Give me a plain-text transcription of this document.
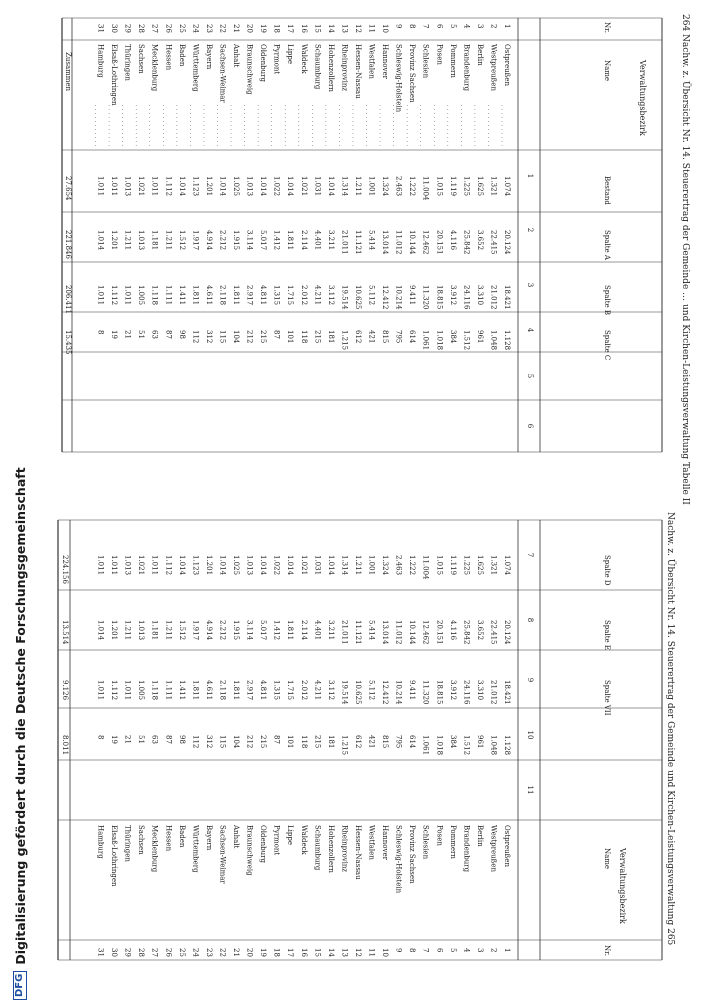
264 Nachw. z. Übersicht Nr. 14. Steuerertrag der Gemeinde … und Kirchen-Leistungsverwaltung Tabelle II
Verwaltungsbezirk
1
2
3
4
5
6
Nr.
Name
Bestand
Spalte A
Spalte B
Spalte C
1
Ostpreußen
1.074
20.124
18.421
1.128
2
Westpreußen
1.321
22.415
21.012
1.048
3
Berlin
1.625
3.652
3.310
961
4
Brandenburg
1.225
25.842
24.116
1.512
5
Pommern
1.119
4.116
3.912
384
6
Posen
1.015
20.151
18.815
1.018
7
Schlesien
11.004
12.462
11.320
1.061
8
Provinz Sachsen
1.222
10.144
9.411
614
9
Schleswig-Holstein
2.463
11.012
10.214
795
10
Hannover
1.324
13.014
12.412
815
11
Westfalen
1.001
5.414
5.112
421
12
Hessen-Nassau
1.211
11.121
10.625
612
13
Rheinprovinz
1.314
21.011
19.514
1.215
14
Hohenzollern
1.014
3.211
3.112
181
15
Schaumburg
1.031
4.401
4.211
215
16
Waldeck
1.021
2.114
2.012
118
17
Lippe
1.014
1.811
1.715
101
18
Pyrmont
1.022
1.412
1.315
87
19
Oldenburg
1.014
5.017
4.811
215
20
Braunschweig
1.013
3.114
2.917
212
21
Anhalt
1.025
1.915
1.811
104
22
Sachsen-Weimar
1.014
2.212
2.118
115
23
Bayern
1.201
4.914
4.611
312
24
Württemberg
1.123
1.917
1.811
112
25
Baden
1.014
1.512
1.411
98
26
Hessen
1.112
1.211
1.111
87
27
Mecklenburg
1.011
1.181
1.118
63
28
Sachsen
1.021
1.013
1.005
51
29
Thüringen
1.013
1.211
1.011
21
30
Elsaß-Lothringen
1.011
1.201
1.112
19
31
Hamburg
1.011
1.014
1.011
8
Zusammen
27.654
221.846
206.411
15.435
Nachw. z. Übersicht Nr. 14. Steuerertrag der Gemeinde und Kirchen-Leistungsverwaltung 265
Verwaltungsbezirk
7
8
9
10
11
Spalte D
Spalte E
Spalte VII
Name
Nr.
Ostpreußen
1
1.074
20.124
18.421
1.128
Westpreußen
2
1.321
22.415
21.012
1.048
Berlin
3
1.625
3.652
3.310
961
Brandenburg
4
1.225
25.842
24.116
1.512
Pommern
5
1.119
4.116
3.912
384
Posen
6
1.015
20.151
18.815
1.018
Schlesien
7
11.004
12.462
11.320
1.061
Provinz Sachsen
8
1.222
10.144
9.411
614
Schleswig-Holstein
9
2.463
11.012
10.214
795
Hannover
10
1.324
13.014
12.412
815
Westfalen
11
1.001
5.414
5.112
421
Hessen-Nassau
12
1.211
11.121
10.625
612
Rheinprovinz
13
1.314
21.011
19.514
1.215
Hohenzollern
14
1.014
3.211
3.112
181
Schaumburg
15
1.031
4.401
4.211
215
Waldeck
16
1.021
2.114
2.012
118
Lippe
17
1.014
1.811
1.715
101
Pyrmont
18
1.022
1.412
1.315
87
Oldenburg
19
1.014
5.017
4.811
215
Braunschweig
20
1.013
3.114
2.917
212
Anhalt
21
1.025
1.915
1.811
104
Sachsen-Weimar
22
1.014
2.212
2.118
115
Bayern
23
1.201
4.914
4.611
312
Württemberg
24
1.123
1.917
1.811
112
Baden
25
1.014
1.512
1.411
98
Hessen
26
1.112
1.211
1.111
87
Mecklenburg
27
1.011
1.181
1.118
63
Sachsen
28
1.021
1.013
1.005
51
Thüringen
29
1.013
1.211
1.011
21
Elsaß-Lothringen
30
1.011
1.201
1.112
19
Hamburg
31
1.011
1.014
1.011
8
224.156
13.514
9.126
8.011
DFG
Digitalisierung gefördert durch die Deutsche Forschungsgemeinschaft
